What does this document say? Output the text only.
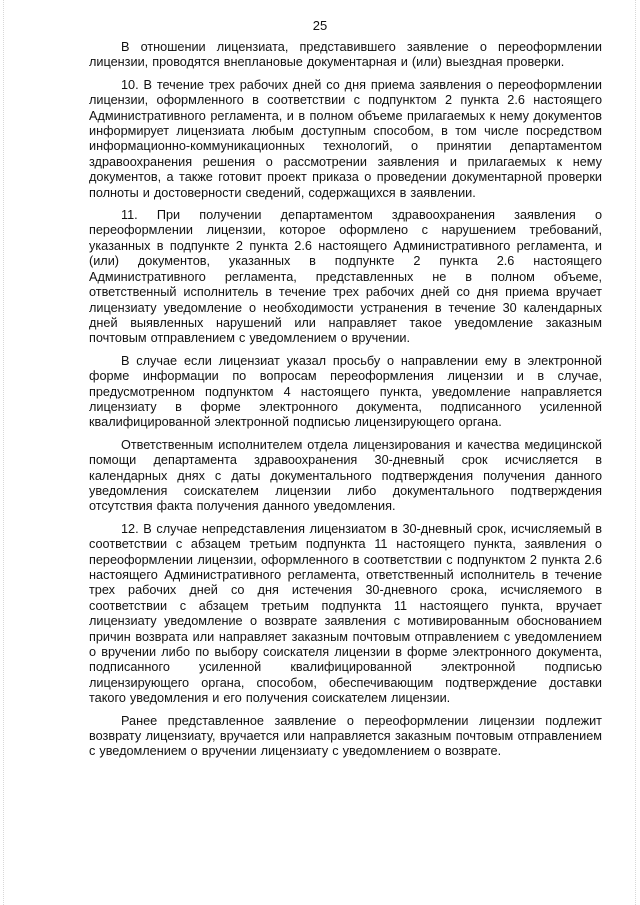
25

В отношении лицензиата, представившего заявление о переоформлении лицензии, проводятся внеплановые документарная и (или) выездная проверки.

10. В течение трех рабочих дней со дня приема заявления о переоформлении лицензии, оформленного в соответствии с подпунктом 2 пункта 2.6 настоящего Административного регламента, и в полном объеме прилагаемых к нему документов информирует лицензиата любым доступным способом, в том числе посредством информационно-коммуникационных технологий, о принятии департаментом здравоохранения решения о рассмотрении заявления и прилагаемых к нему документов, а также готовит проект приказа о проведении документарной проверки полноты и достоверности сведений, содержащихся в заявлении.

11. При получении департаментом здравоохранения заявления о переоформлении лицензии, которое оформлено с нарушением требований, указанных в подпункте 2 пункта 2.6 настоящего Административного регламента, и (или) документов, указанных в подпункте 2 пункта 2.6 настоящего Административного регламента, представленных не в полном объеме, ответственный исполнитель в течение трех рабочих дней со дня приема вручает лицензиату уведомление о необходимости устранения в течение 30 календарных дней выявленных нарушений или направляет такое уведомление заказным почтовым отправлением с уведомлением о вручении.

В случае если лицензиат указал просьбу о направлении ему в электронной форме информации по вопросам переоформления лицензии и в случае, предусмотренном подпунктом 4 настоящего пункта, уведомление направляется лицензиату в форме электронного документа, подписанного усиленной квалифицированной электронной подписью лицензирующего органа.

Ответственным исполнителем отдела лицензирования и качества медицинской помощи департамента здравоохранения 30-дневный срок исчисляется в календарных днях с даты документального подтверждения получения данного уведомления соискателем лицензии либо документального подтверждения отсутствия факта получения данного уведомления.

12. В случае непредставления лицензиатом в 30-дневный срок, исчисляемый в соответствии с абзацем третьим подпункта 11 настоящего пункта, заявления о переоформлении лицензии, оформленного в соответствии с подпунктом 2 пункта 2.6 настоящего Административного регламента, ответственный исполнитель в течение трех рабочих дней со дня истечения 30-дневного срока, исчисляемого в соответствии с абзацем третьим подпункта 11 настоящего пункта, вручает лицензиату уведомление о возврате заявления с мотивированным обоснованием причин возврата или направляет заказным почтовым отправлением с уведомлением о вручении либо по выбору соискателя лицензии в форме электронного документа, подписанного усиленной квалифицированной электронной подписью лицензирующего органа, способом, обеспечивающим подтверждение доставки такого уведомления и его получения соискателем лицензии.

Ранее представленное заявление о переоформлении лицензии подлежит возврату лицензиату, вручается или направляется заказным почтовым отправлением с уведомлением о вручении лицензиату с уведомлением о возврате.
